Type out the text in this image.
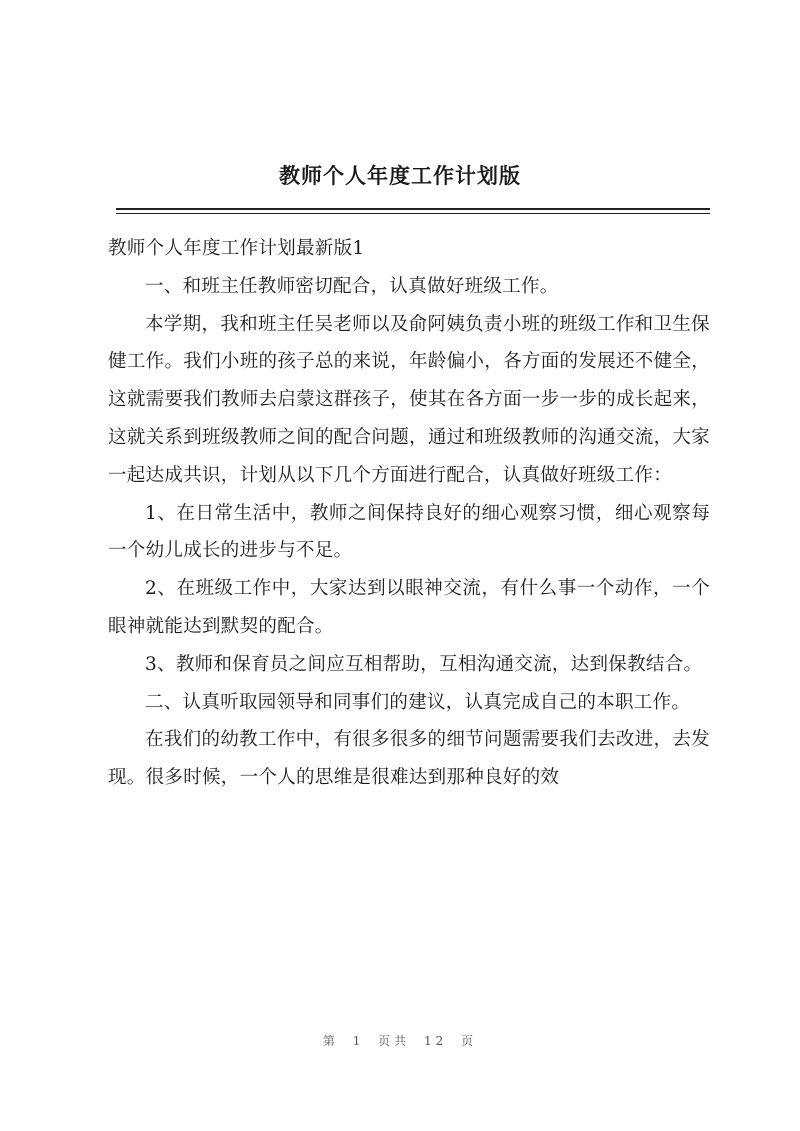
教师个人年度工作计划版

教师个人年度工作计划最新版1

一、和班主任教师密切配合，认真做好班级工作。

本学期，我和班主任吴老师以及俞阿姨负责小班的班级工作和卫生保健工作。我们小班的孩子总的来说，年龄偏小，各方面的发展还不健全，这就需要我们教师去启蒙这群孩子，使其在各方面一步一步的成长起来，这就关系到班级教师之间的配合问题，通过和班级教师的沟通交流，大家一起达成共识，计划从以下几个方面进行配合，认真做好班级工作：

1、在日常生活中，教师之间保持良好的细心观察习惯，细心观察每一个幼儿成长的进步与不足。

2、在班级工作中，大家达到以眼神交流，有什么事一个动作，一个眼神就能达到默契的配合。

3、教师和保育员之间应互相帮助，互相沟通交流，达到保教结合。

二、认真听取园领导和同事们的建议，认真完成自己的本职工作。

在我们的幼教工作中，有很多很多的细节问题需要我们去改进，去发现。很多时候，一个人的思维是很难达到那种良好的效

第 1 页共 12 页
